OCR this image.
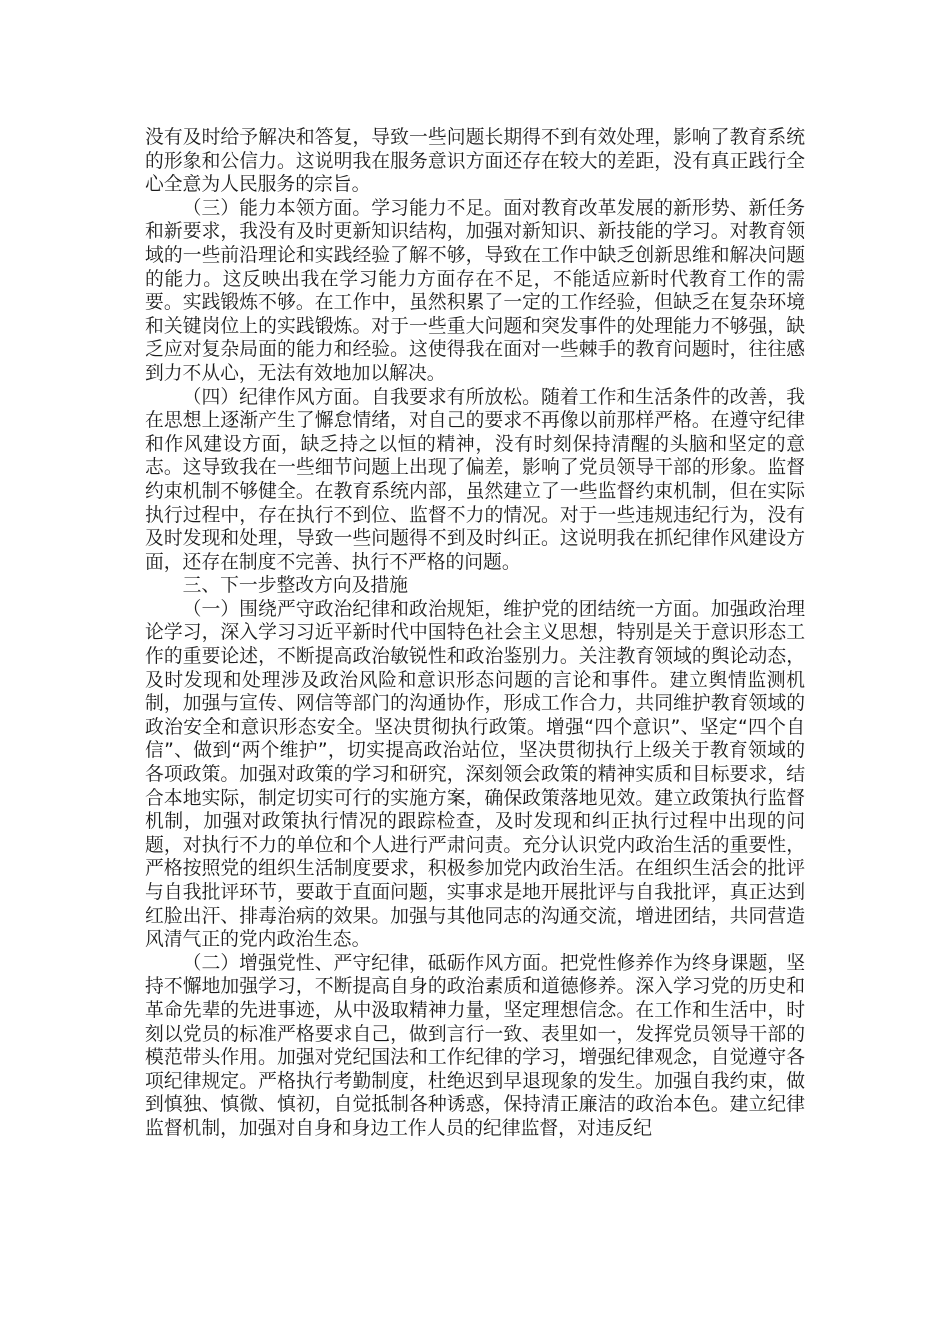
没有及时给予解决和答复，导致一些问题长期得不到有效处理，影响了教育系统的形象和公信力。这说明我在服务意识方面还存在较大的差距，没有真正践行全心全意为人民服务的宗旨。

（三）能力本领方面。学习能力不足。面对教育改革发展的新形势、新任务和新要求，我没有及时更新知识结构，加强对新知识、新技能的学习。对教育领域的一些前沿理论和实践经验了解不够，导致在工作中缺乏创新思维和解决问题的能力。这反映出我在学习能力方面存在不足，不能适应新时代教育工作的需要。实践锻炼不够。在工作中，虽然积累了一定的工作经验，但缺乏在复杂环境和关键岗位上的实践锻炼。对于一些重大问题和突发事件的处理能力不够强，缺乏应对复杂局面的能力和经验。这使得我在面对一些棘手的教育问题时，往往感到力不从心，无法有效地加以解决。

（四）纪律作风方面。自我要求有所放松。随着工作和生活条件的改善，我在思想上逐渐产生了懈怠情绪，对自己的要求不再像以前那样严格。在遵守纪律和作风建设方面，缺乏持之以恒的精神，没有时刻保持清醒的头脑和坚定的意志。这导致我在一些细节问题上出现了偏差，影响了党员领导干部的形象。监督约束机制不够健全。在教育系统内部，虽然建立了一些监督约束机制，但在实际执行过程中，存在执行不到位、监督不力的情况。对于一些违规违纪行为，没有及时发现和处理，导致一些问题得不到及时纠正。这说明我在抓纪律作风建设方面，还存在制度不完善、执行不严格的问题。

三、下一步整改方向及措施

（一）围绕严守政治纪律和政治规矩，维护党的团结统一方面。加强政治理论学习，深入学习习近平新时代中国特色社会主义思想，特别是关于意识形态工作的重要论述，不断提高政治敏锐性和政治鉴别力。关注教育领域的舆论动态，及时发现和处理涉及政治风险和意识形态问题的言论和事件。建立舆情监测机制，加强与宣传、网信等部门的沟通协作，形成工作合力，共同维护教育领域的政治安全和意识形态安全。坚决贯彻执行政策。增强“四个意识”、坚定“四个自信”、做到“两个维护”，切实提高政治站位，坚决贯彻执行上级关于教育领域的各项政策。加强对政策的学习和研究，深刻领会政策的精神实质和目标要求，结合本地实际，制定切实可行的实施方案，确保政策落地见效。建立政策执行监督机制，加强对政策执行情况的跟踪检查，及时发现和纠正执行过程中出现的问题，对执行不力的单位和个人进行严肃问责。充分认识党内政治生活的重要性，严格按照党的组织生活制度要求，积极参加党内政治生活。在组织生活会的批评与自我批评环节，要敢于直面问题，实事求是地开展批评与自我批评，真正达到红脸出汗、排毒治病的效果。加强与其他同志的沟通交流，增进团结，共同营造风清气正的党内政治生态。

（二）增强党性、严守纪律，砥砺作风方面。把党性修养作为终身课题，坚持不懈地加强学习，不断提高自身的政治素质和道德修养。深入学习党的历史和革命先辈的先进事迹，从中汲取精神力量，坚定理想信念。在工作和生活中，时刻以党员的标准严格要求自己，做到言行一致、表里如一，发挥党员领导干部的模范带头作用。加强对党纪国法和工作纪律的学习，增强纪律观念，自觉遵守各项纪律规定。严格执行考勤制度，杜绝迟到早退现象的发生。加强自我约束，做到慎独、慎微、慎初，自觉抵制各种诱惑，保持清正廉洁的政治本色。建立纪律监督机制，加强对自身和身边工作人员的纪律监督，对违反纪
